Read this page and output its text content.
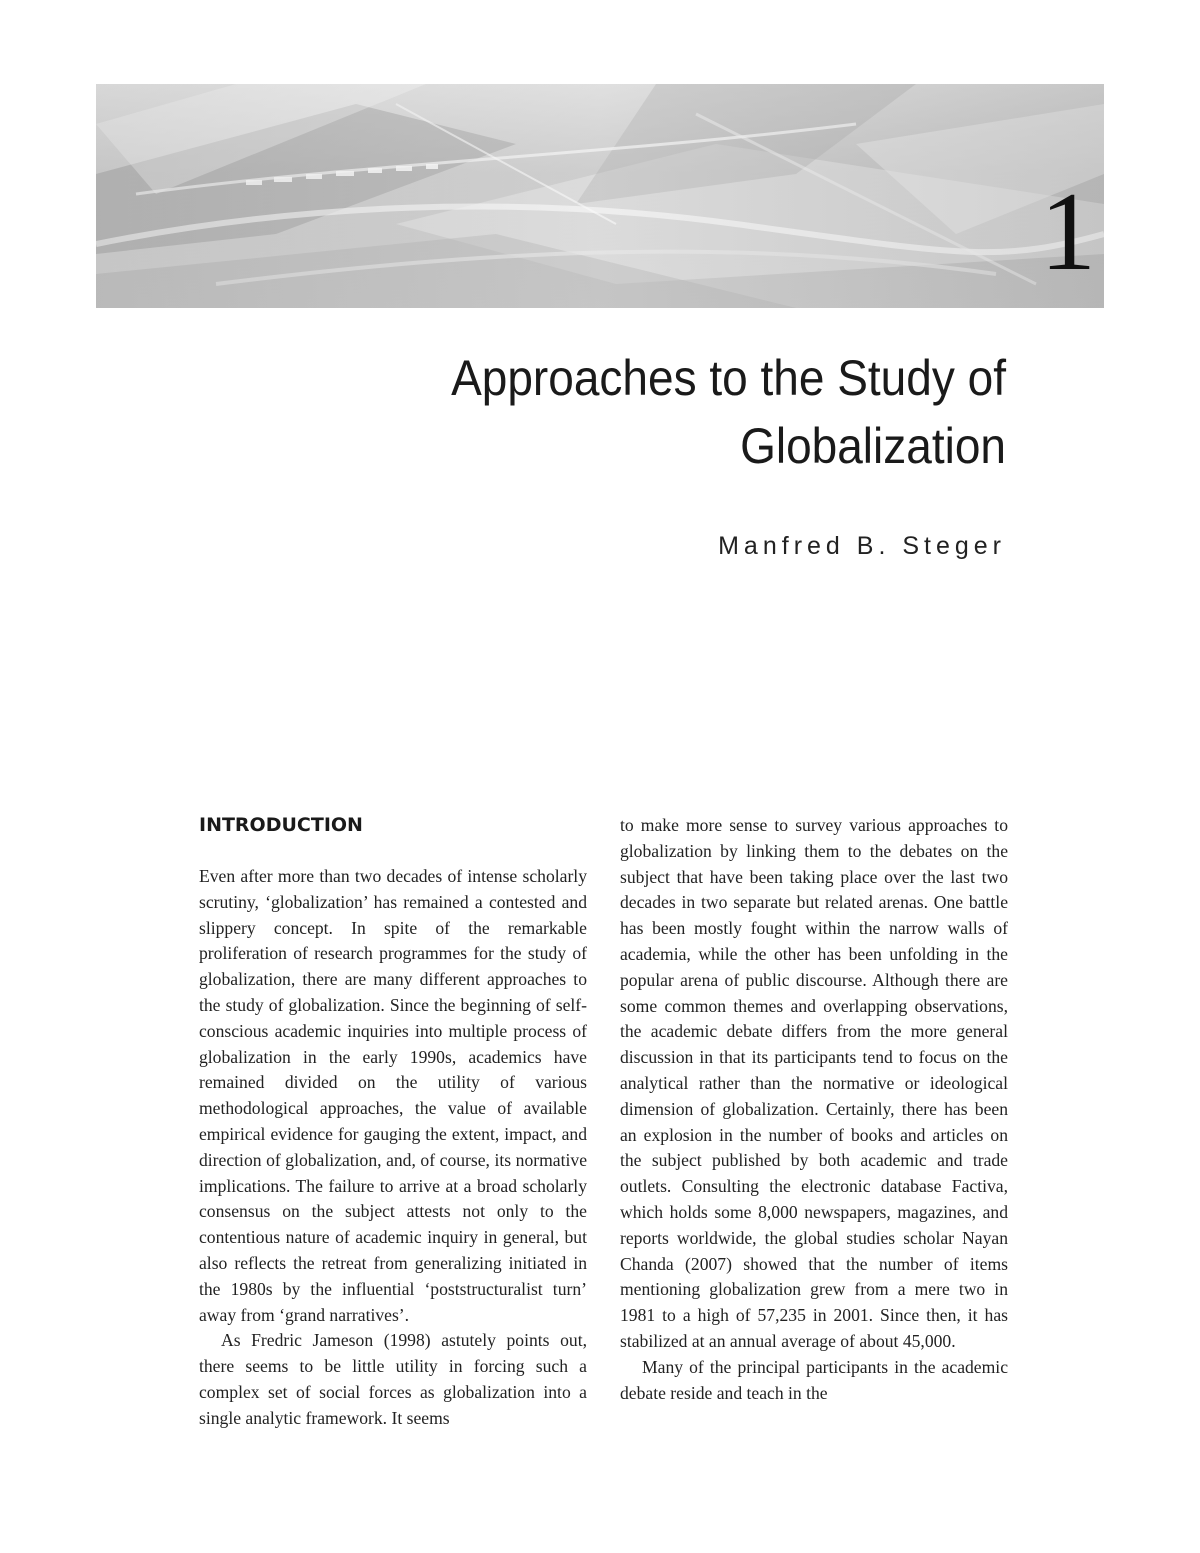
1
Approaches to the Study of
Globalization
Manfred B. Steger
INTRODUCTION

Even after more than two decades of intense scholarly scrutiny, ‘globalization’ has remained a contested and slippery concept. In spite of the remarkable proliferation of research programmes for the study of globalization, there are many different approaches to the study of globalization. Since the beginning of selfconscious academic inquiries into multiple process of globalization in the early 1990s, academics have remained divided on the utility of various methodological approaches, the value of available empirical evidence for gauging the extent, impact, and direction of globalization, and, of course, its normative implications. The failure to arrive at a broad scholarly consensus on the subject attests not only to the contentious nature of academic inquiry in general, but also reflects the retreat from generalizing initiated in the 1980s by the influential ‘poststructuralist turn’ away from ‘grand narratives’.

As Fredric Jameson (1998) astutely points out, there seems to be little utility in forcing such a complex set of social forces as globalization into a single analytic framework. It seems

to make more sense to survey various approaches to globalization by linking them to the debates on the subject that have been taking place over the last two decades in two separate but related arenas. One battle has been mostly fought within the narrow walls of academia, while the other has been unfolding in the popular arena of public discourse. Although there are some common themes and overlapping observations, the academic debate differs from the more general discussion in that its participants tend to focus on the analytical rather than the normative or ideological dimension of globalization. Certainly, there has been an explosion in the number of books and articles on the subject published by both academic and trade outlets. Consulting the electronic database Factiva, which holds some 8,000 newspapers, magazines, and reports worldwide, the global studies scholar Nayan Chanda (2007) showed that the number of items mentioning globalization grew from a mere two in 1981 to a high of 57,235 in 2001. Since then, it has stabilized at an annual average of about 45,000.

Many of the principal participants in the academic debate reside and teach in the
